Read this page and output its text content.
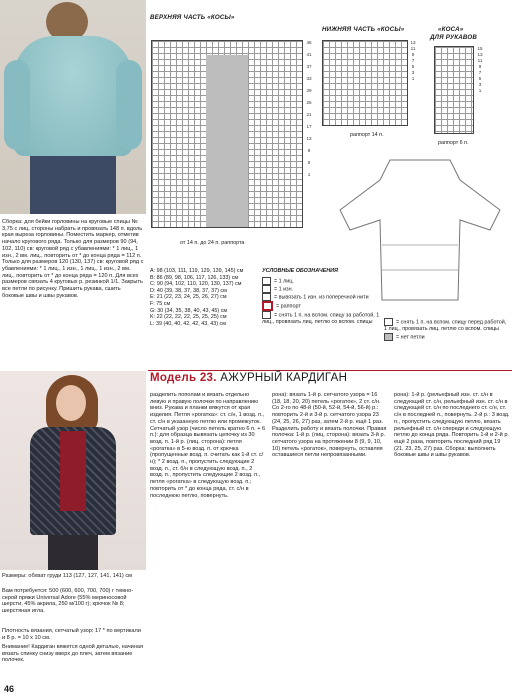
ВЕРХНЯЯ ЧАСТЬ «КОСЫ»
45

41

37

33

29

25

21

17

13

9

5

1
от 14 п. до 24 п. раппорта
НИЖНЯЯ ЧАСТЬ «КОСЫ»
13
11
9
7
5
3
1
раппорт 14 п.
«КОСА»
ДЛЯ РУКАВОВ
15
13
11
9
7
5
3
1
раппорт 6 п.
Сборка: для бейки горловины на круговые спицы № 3,75 с лиц. стороны набрать и провязать 148 п. вдоль края выреза горловины. Поместить маркер, отметив начало кругового ряда. Только для размеров 90 (94, 102, 110) св: круговой ряд с убавлениями: * 1 лиц., 1 изн., 2 вм. лиц., повторить от * до конца ряда = 112 п. Только для размеров 120 (130, 137) св: круговой ряд с убавлениями: * 1 лиц., 1 изн., 1 лиц., 1 изн., 2 вм. лиц., повторить от * до конца ряда = 120 п. Для всех размеров связать 4 круговых р. резинкой 1/1. Закрыть все петли по рисунку. Пришить рукава, сшить боковые швы и швы рукавов.
A: 98 (103, 111, 119, 129, 139, 145) см
B: 86 (89, 98, 106, 117, 126, 133) см
C: 90 (94, 102, 110, 120, 130, 137) см
D: 40 (39, 38, 37, 38, 37, 37) см
E: 21 (22, 23, 24, 25, 26, 27) см
F: 75 см
G: 30 (34, 35, 38, 40, 43, 45) см
K: 22 (22, 22, 22, 25, 25, 25) см
L: 39 (40, 40, 42, 42, 43, 43) см
УСЛОВНЫЕ ОБОЗНАЧЕНИЯ
= 1 лиц.
= 1 изн.
= вывязать 1 изн. из поперечной нити
= раппорт
= снять 1 п. на вспом. спицу за работой, 1 лиц., провязать лиц. петлю со вспом. спицы	= снять 1 п. на вспом. спицу перед работой, 1 лиц., провязать лиц. петлю со вспом. спицы
= нет петли
Модель 23. АЖУРНЫЙ КАРДИГАН
Размеры: обхват груди 113 (127, 127, 141, 141) см
Вам потребуется: 500 (600, 600, 700, 700) г темно-серой пряжи Universal Adore (55% мериносовой шерсти, 45% акрила, 250 м/100 г); крючок № 8; шерстяная игла.
Плотность вязания, сетчатый узор: 17 * по вертикали и 8 р. = 10 х 10 см.
Внимание! Кардиган вяжется одной деталью, начиная вязать спинку снизу вверх до плеч, затем вязание полочек.
разделить пополам и вязать отдельно левую и правую полочки по направлению вниз. Рукава и планки вяжутся от края изделия. Петля «рогатка»: ст. с/н, 1 возд. п., ст. с/н в указанную петлю или промежуток. Сетчатый узор (число петель кратно 6 п. + 6 п.): для образца вывязать цепочку из 30 возд. п. 1-й р. (лиц. сторона): петля «рогатка» в 5-ю возд. п. от крючка (пропущенные возд. п. считать как 1-й ст. с/н); * 2 возд. п., пропустить следующие 2 возд. п., ст. б/н в следующую возд. п., 2 возд. п., пропустить следующие 2 возд. п., петля «рогатка» в следующую возд. п.; повторить от * до конца ряда, ст. с/н в последнюю петлю, повернуть.
рона): вязать 1-й р. сетчатого узора = 16 (18, 18, 20, 20) петель «рогаток», 2 ст. с/н. Со 2-го по 48-й (50-й, 52-й, 54-й, 56-й) р.: повторить 2-й и 3-й р. сетчатого узора 23 (24, 25, 26, 27) раз, затем 2-й р. ещё 1 раз. Разделить работу и вязать полочки. Правая полочка: 1-й р. (лиц. сторона): вязать 3-й р. сетчатого узора на протяжении 8 (9, 9, 10, 10) петель «рогаток», повернуть, оставляя оставшиеся петли непровязанными.
рона): 1-й р. (рельефный изн. ст. с/н в следующий ст. с/н, рельефный изн. ст. с/н в следующей ст. с/н по последнего ст. с/н, ст. с/н в последней п., повернуть. 2-й р.: 3 возд. п., пропустить следующую петлю, вязать рельефный ст. с/н спереди и следующую петлю до конца ряда. Повторить 1-й и 2-й р. ещё 2 раза, повторить последний ряд 19 (21, 23, 25, 27) раз. Сборка: выполнить боковые швы и швы рукавов.
46
